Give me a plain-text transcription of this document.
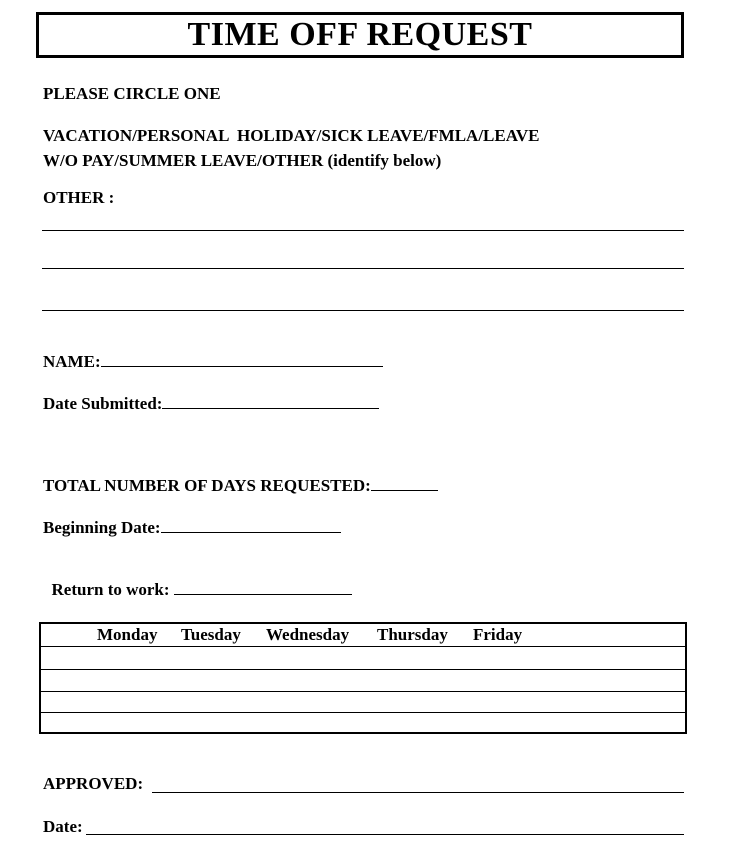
TIME OFF REQUEST
PLEASE CIRCLE ONE
VACATION/PERSONAL  HOLIDAY/SICK LEAVE/FMLA/LEAVE
W/O PAY/SUMMER LEAVE/OTHER (identify below)
OTHER :
NAME:
Date Submitted:
TOTAL NUMBER OF DAYS REQUESTED:
Beginning Date:

Return to work:

Monday Tuesday Wednesday Thursday Friday
APPROVED:
Date:
